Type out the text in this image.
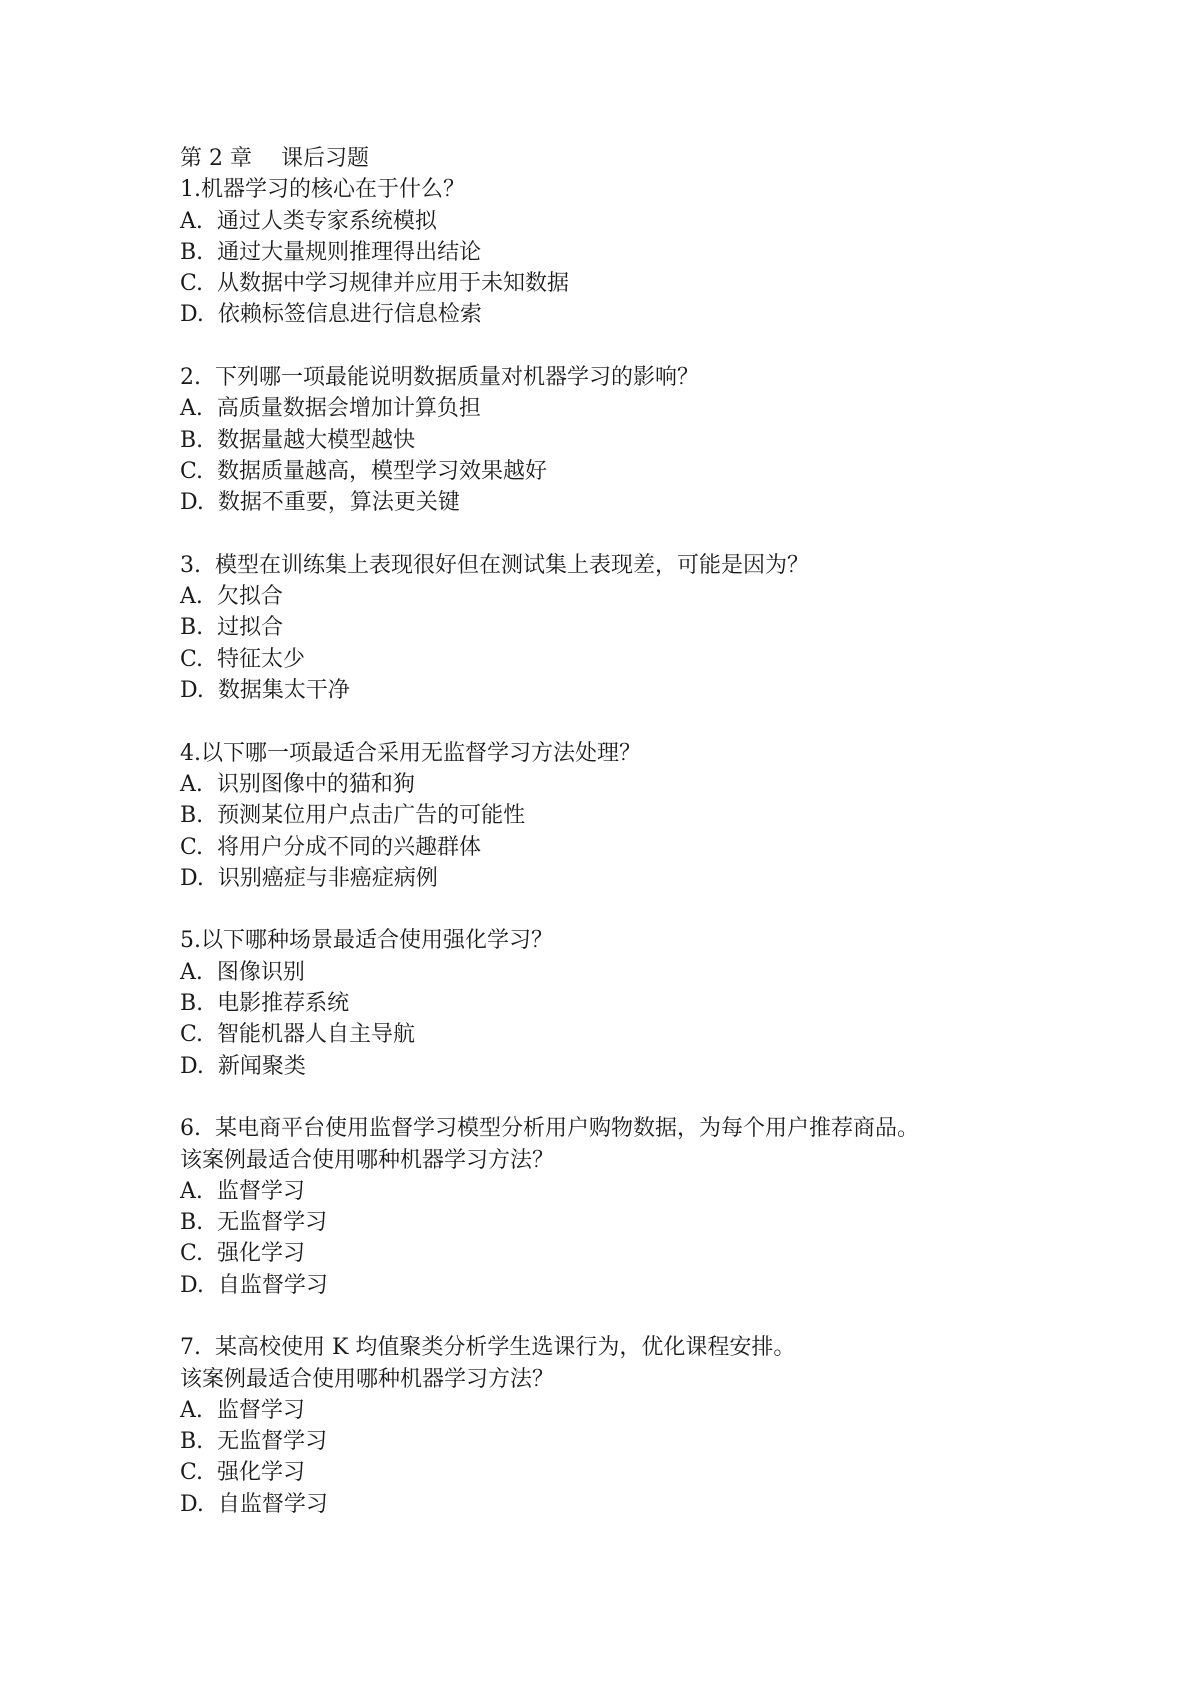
第 2 章　 课后习题
1.机器学习的核心在于什么？
A.  通过人类专家系统模拟
B.  通过大量规则推理得出结论
C.  从数据中学习规律并应用于未知数据
D.  依赖标签信息进行信息检索
2.  下列哪一项最能说明数据质量对机器学习的影响？
A.  高质量数据会增加计算负担
B.  数据量越大模型越快
C.  数据质量越高，模型学习效果越好
D.  数据不重要，算法更关键
3.  模型在训练集上表现很好但在测试集上表现差，可能是因为？
A.  欠拟合
B.  过拟合
C.  特征太少
D.  数据集太干净
4.以下哪一项最适合采用无监督学习方法处理？
A.  识别图像中的猫和狗
B.  预测某位用户点击广告的可能性
C.  将用户分成不同的兴趣群体
D.  识别癌症与非癌症病例
5.以下哪种场景最适合使用强化学习？
A.  图像识别
B.  电影推荐系统
C.  智能机器人自主导航
D.  新闻聚类
6.  某电商平台使用监督学习模型分析用户购物数据，为每个用户推荐商品。
该案例最适合使用哪种机器学习方法？
A.  监督学习
B.  无监督学习
C.  强化学习
D.  自监督学习
7.  某高校使用 K 均值聚类分析学生选课行为，优化课程安排。
该案例最适合使用哪种机器学习方法？
A.  监督学习
B.  无监督学习
C.  强化学习
D.  自监督学习
